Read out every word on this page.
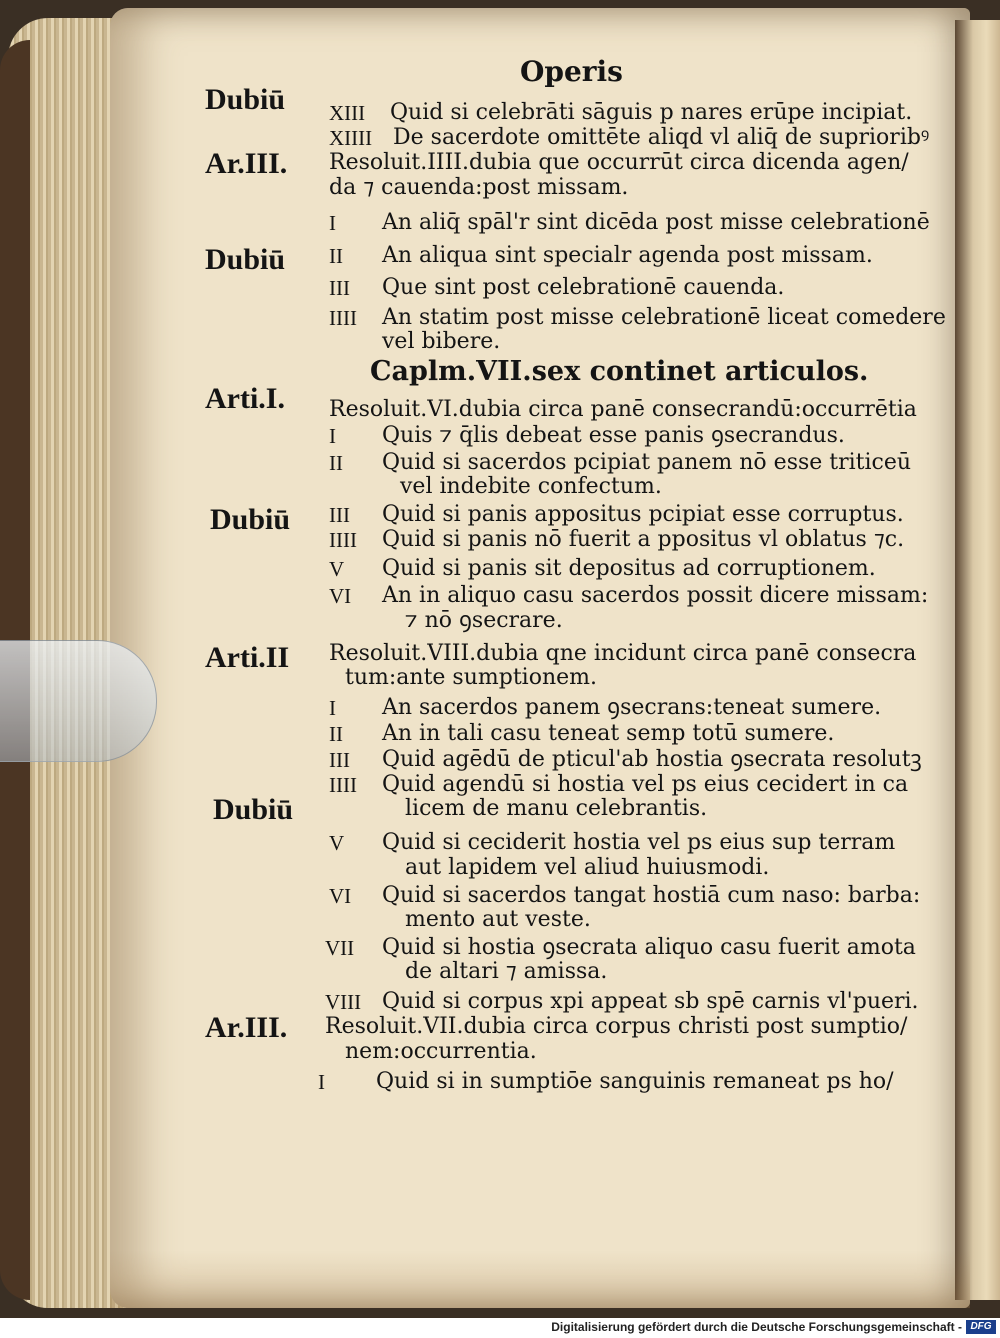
Operis
Dubiū
Ar.III.
Dubiū
Arti.I.
Dubiū
Arti.II
Dubiū
Ar.III.
XIII Quid si celebrāti sāguis p nares erūpe incipiat.
XIIII De sacerdote omittēte aliqd vl aliq̄ de suprioribꝰ
Resoluit.IIII.dubia que occurrūt circa dicenda agen/
da ⁊ cauenda:post missam.
I An aliq̄ spāl'r sint dicēda post misse celebrationē
II An aliqua sint specialr agenda post missam.
III Que sint post celebrationē cauenda.
IIII An statim post misse celebrationē liceat comedere
vel bibere.
Caplm.VII.sex continet articulos.
Resoluit.VI.dubia circa panē consecrandū:occurrētia
I Quis ⁊ q̄lis debeat esse panis ꝯsecrandus.
II Quid si sacerdos pcipiat panem nō esse triticeū
vel indebite confectum.
III Quid si panis appositus pcipiat esse corruptus.
IIII Quid si panis nō fuerit a ppositus vl oblatus ⁊c.
V Quid si panis sit depositus ad corruptionem.
VI An in aliquo casu sacerdos possit dicere missam:
⁊ nō ꝯsecrare.
Resoluit.VIII.dubia qne incidunt circa panē consecra
tum:ante sumptionem.
I An sacerdos panem ꝯsecrans:teneat sumere.
II An in tali casu teneat semp totū sumere.
III Quid agēdū de pticul'ab hostia ꝯsecrata resolutꝫ
IIII Quid agendū si hostia vel ps eius cecidert in ca
licem de manu celebrantis.
V Quid si ceciderit hostia vel ps eius sup terram
aut lapidem vel aliud huiusmodi.
VI Quid si sacerdos tangat hostiā cum naso: barba:
mento aut veste.
VII Quid si hostia ꝯsecrata aliquo casu fuerit amota
de altari ⁊ amissa.
VIII Quid si corpus xpi appeat sb spē carnis vl'pueri.
Resoluit.VII.dubia circa corpus christi post sumptio/
nem:occurrentia.
I Quid si in sumptiōe sanguinis remaneat ps ho/
Digitalisierung gefördert durch die Deutsche Forschungsgemeinschaft - DFG
